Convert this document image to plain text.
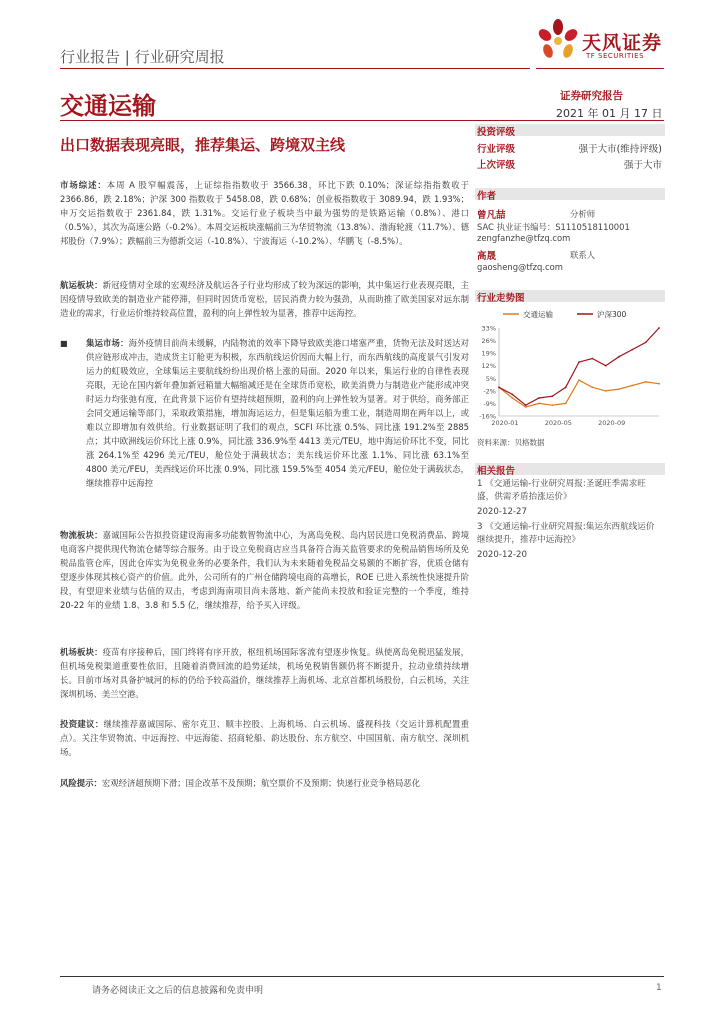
行业报告 | 行业研究周报
天风证券
TF SECURITIES
交通运输	证券研究报告
2021 年 01 月 17 日
出口数据表现亮眼，推荐集运、跨境双主线
投资评级
行业评级	强于大市(维持评级)
上次评级	强于大市
作者
曾凡喆	分析师
SAC 执业证书编号：S1110518110001
zengfanzhe@tfzq.com
高晟	联系人
gaosheng@tfzq.com
行业走势图
交通运输	沪深300
33%
26%
19%
12%
5%
-2%
-9%
-16%
2020-01	2020-05	2020-09
资料来源：贝格数据
相关报告
1 《交通运输-行业研究周报:圣诞旺季需求旺盛，供需矛盾抬涨运价》
2020-12-27
3 《交通运输-行业研究周报:集运东西航线运价继续提升，推荐中远海控》
2020-12-20
市场综述：本周 A 股窄幅震荡，上证综指指数收于 3566.38，环比下跌 0.10%；深证综指指数收于 2366.86，跌 2.18%；沪深 300 指数收于 5458.08，跌 0.68%；创业板指数收于 3089.94，跌 1.93%；申万交运指数收于 2361.84，跌 1.31%。交运行业子板块当中最为强势的是铁路运输（0.8%）、港口（0.5%），其次为高速公路（-0.2%）。本周交运板块涨幅前三为华贸物流（13.8%）、渤海轮渡（11.7%）、德邦股份（7.9%）；跌幅前三为德新交运（-10.8%）、宁波海运（-10.2%）、华鹏飞（-8.5%）。
航运板块：新冠疫情对全球的宏观经济及航运各子行业均形成了较为深远的影响，其中集运行业表现亮眼，主因疫情导致欧美的制造业产能停滞，但同时因货币宽松，居民消费力较为强劲，从而助推了欧美国家对远东制造业的需求，行业运价维持较高位置，盈利的向上弹性较为显著，推荐中远海控。
■ 集运市场：海外疫情目前尚未缓解，内陆物流的效率下降导致欧美港口堵塞严重，货物无法及时送达对供应链形成冲击，造成货主订舱更为积极，东西航线运价因而大幅上行，而东西航线的高度景气引发对运力的虹吸效应，全球集运主要航线纷纷出现价格上涨的局面。2020 年以来，集运行业的自律性表现亮眼，无论在国内新年叠加新冠箱量大幅缩减还是在全球货币宽松，欧美消费力与制造业产能形成冲突时运力均张弛有度，在此背景下运价有望持续超预期，盈利的向上弹性较为显著。对于供给，商务部正会同交通运输等部门，采取政策措施，增加海运运力，但是集运船为重工业，制造周期在两年以上，或难以立即增加有效供给。行业数据证明了我们的观点，SCFI 环比涨 0.5%、同比涨 191.2%至 2885 点；其中欧洲线运价环比上涨 0.9%，同比涨 336.9%至 4413 美元/TEU，地中海运价环比不变，同比涨 264.1%至 4296 美元/TEU，舱位处于满载状态；美东线运价环比涨 1.1%、同比涨 63.1%至 4800 美元/FEU，美西线运价环比涨 0.9%、同比涨 159.5%至 4054 美元/FEU，舱位处于满载状态，继续推荐中远海控
物流板块：嘉诚国际公告拟投资建设海南多功能数智物流中心，为离岛免税、岛内居民进口免税消费品、跨境电商客户提供现代物流仓储等综合服务。由于设立免税商店应当具备符合海关监管要求的免税品销售场所及免税品监管仓库，因此仓库实为免税业务的必要条件，我们认为未来随着免税品交易额的不断扩容，优质仓储有望逐步体现其核心资产的价值。此外，公司所有的广州仓储跨境电商的高增长，ROE 已进入系统性快速提升阶段，有望迎来业绩与估值的双击，考虑到海南项目尚未落地、新产能尚未投放和验证完整的一个季度，维持 20-22 年的业绩 1.8、3.8 和 5.5 亿，继续推荐，给予买入评级。
机场板块：疫苗有序接种后，国门终将有序开放，枢纽机场国际客流有望逐步恢复。纵使离岛免税迅猛发展，但机场免税渠道重要性依旧，且随着消费回流的趋势延续，机场免税销售额仍将不断提升，拉动业绩持续增长。目前市场对具备护城河的标的仍给予较高溢价，继续推荐上海机场、北京首都机场股份，白云机场，关注深圳机场、美兰空港。
投资建议：继续推荐嘉诚国际、密尔克卫、顺丰控股、上海机场、白云机场、盛视科技（交运计算机配置重点）。关注华贸物流、中远海控、中远海能、招商轮船、韵达股份、东方航空、中国国航、南方航空、深圳机场。
风险提示：宏观经济超预期下滑；国企改革不及预期；航空票价不及预期；快递行业竞争格局恶化
请务必阅读正文之后的信息披露和免责申明	1
